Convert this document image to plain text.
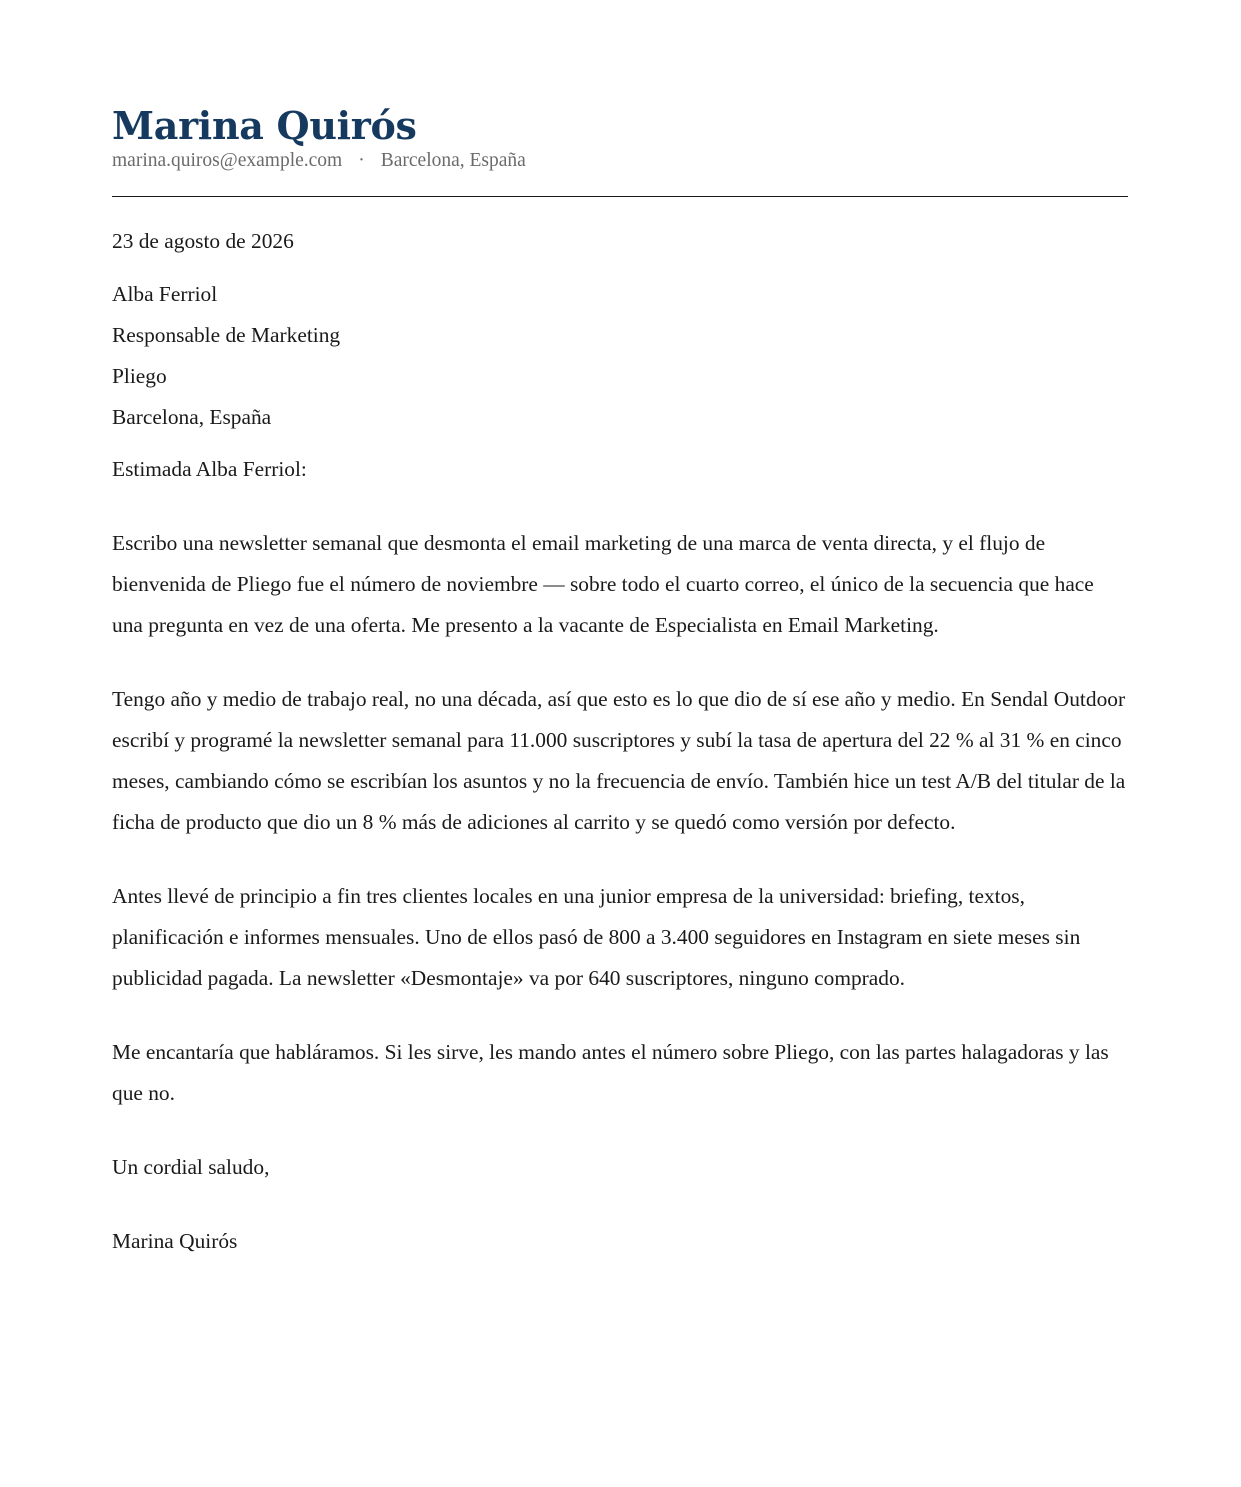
Marina Quirós
marina.quiros@example.com · Barcelona, España

23 de agosto de 2026

Alba Ferriol

Responsable de Marketing

Pliego

Barcelona, España

Estimada Alba Ferriol:

Escribo una newsletter semanal que desmonta el email marketing de una marca de venta directa, y el flujo de bienvenida de Pliego fue el número de noviembre — sobre todo el cuarto correo, el único de la secuencia que hace una pregunta en vez de una oferta. Me presento a la vacante de Especialista en Email Marketing.

Tengo año y medio de trabajo real, no una década, así que esto es lo que dio de sí ese año y medio. En Sendal Outdoor escribí y programé la newsletter semanal para 11.000 suscriptores y subí la tasa de apertura del 22 % al 31 % en cinco meses, cambiando cómo se escribían los asuntos y no la frecuencia de envío. También hice un test A/B del titular de la ficha de producto que dio un 8 % más de adiciones al carrito y se quedó como versión por defecto.

Antes llevé de principio a fin tres clientes locales en una junior empresa de la universidad: briefing, textos, planificación e informes mensuales. Uno de ellos pasó de 800 a 3.400 seguidores en Instagram en siete meses sin publicidad pagada. La newsletter «Desmontaje» va por 640 suscriptores, ninguno comprado.

Me encantaría que habláramos. Si les sirve, les mando antes el número sobre Pliego, con las partes halagadoras y las que no.

Un cordial saludo,

Marina Quirós
